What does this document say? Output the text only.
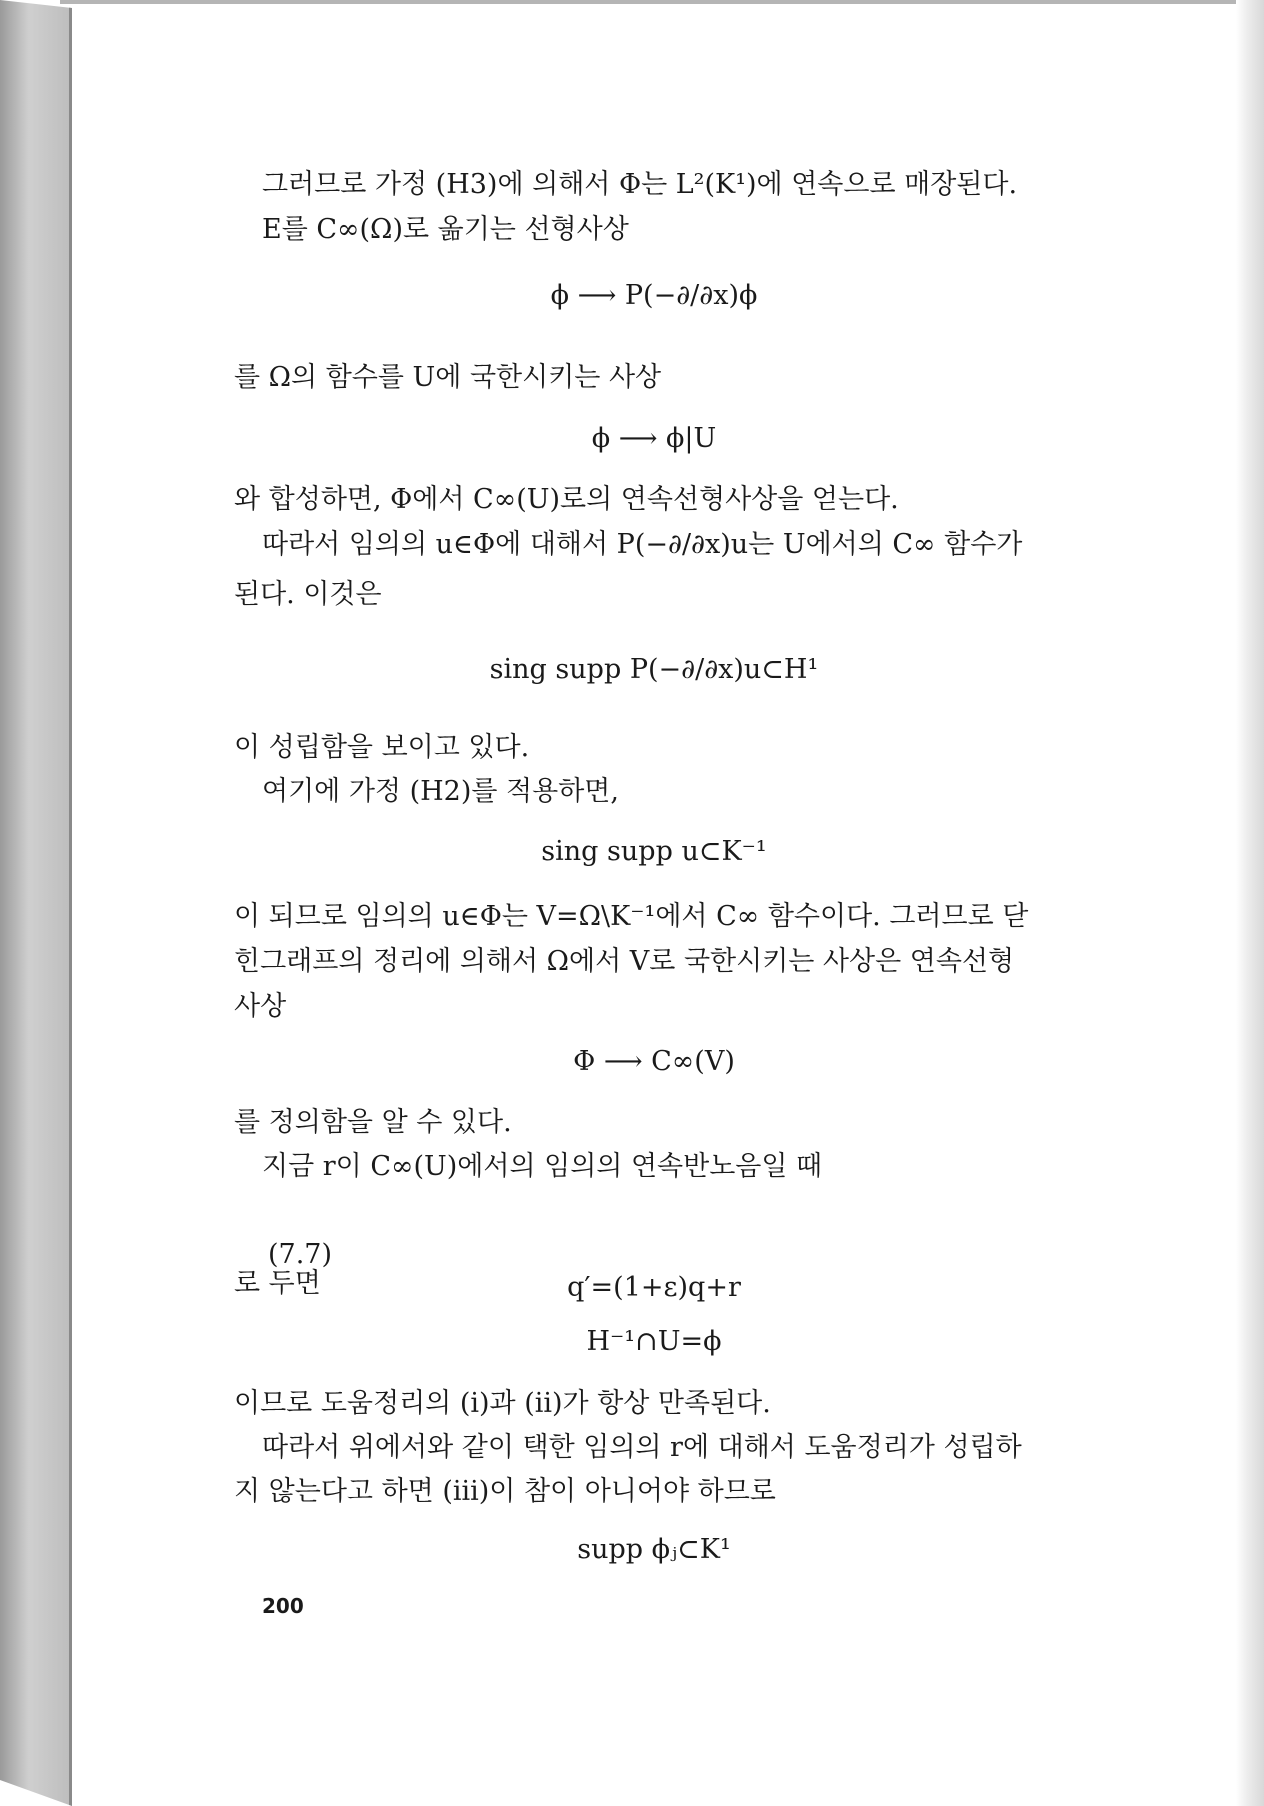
그러므로 가정 (H3)에 의해서 Φ는 L²(K¹)에 연속으로 매장된다.
E를 C∞(Ω)로 옮기는 선형사상
ϕ ⟶ P(−∂/∂x)ϕ
를 Ω의 함수를 U에 국한시키는 사상
ϕ ⟶ ϕ|U
와 합성하면, Φ에서 C∞(U)로의 연속선형사상을 얻는다.
따라서 임의의 u∈Φ에 대해서 P(−∂/∂x)u는 U에서의 C∞ 함수가
된다. 이것은
sing supp P(−∂/∂x)u⊂H¹
이 성립함을 보이고 있다.
여기에 가정 (H2)를 적용하면,
sing supp u⊂K⁻¹
이 되므로 임의의 u∈Φ는 V=Ω\K⁻¹에서 C∞ 함수이다. 그러므로 닫
힌그래프의 정리에 의해서 Ω에서 V로 국한시키는 사상은 연속선형
사상
Φ ⟶ C∞(V)
를 정의함을 알 수 있다.
지금 r이 C∞(U)에서의 임의의 연속반노음일 때

(7.7)

q′=(1+ε)q+r

로 두면
H⁻¹∩U=ϕ
이므로 도움정리의 (i)과 (ii)가 항상 만족된다.
따라서 위에서와 같이 택한 임의의 r에 대해서 도움정리가 성립하
지 않는다고 하면 (iii)이 참이 아니어야 하므로
supp ϕⱼ⊂K¹
200
